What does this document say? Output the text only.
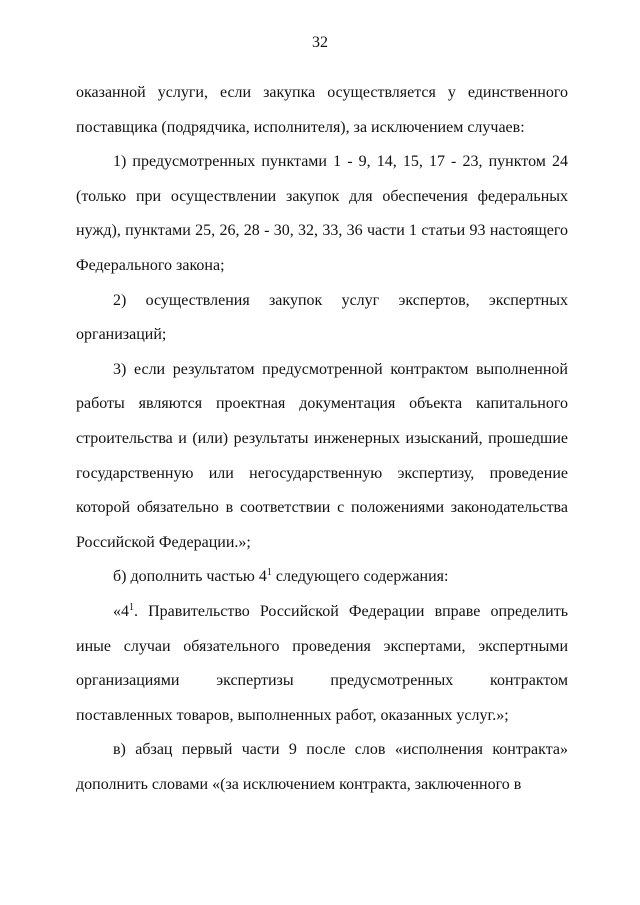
32

оказанной услуги, если закупка осуществляется у единственного поставщика (подрядчика, исполнителя), за исключением случаев:

1) предусмотренных пунктами 1 - 9, 14, 15, 17 - 23, пунктом 24 (только при осуществлении закупок для обеспечения федеральных нужд), пунктами 25, 26, 28 - 30, 32, 33, 36 части 1 статьи 93 настоящего Федерального закона;

2) осуществления закупок услуг экспертов, экспертных организаций;

3) если результатом предусмотренной контрактом выполненной работы являются проектная документация объекта капитального строительства и (или) результаты инженерных изысканий, прошедшие государственную или негосударственную экспертизу, проведение которой обязательно в соответствии с положениями законодательства Российской Федерации.»;

б) дополнить частью $4^1$ следующего содержания:

«$4^1$. Правительство Российской Федерации вправе определить иные случаи обязательного проведения экспертами, экспертными организациями экспертизы предусмотренных контрактом поставленных товаров, выполненных работ, оказанных услуг.»;

в) абзац первый части 9 после слов «исполнения контракта» дополнить словами «(за исключением контракта, заключенного в
